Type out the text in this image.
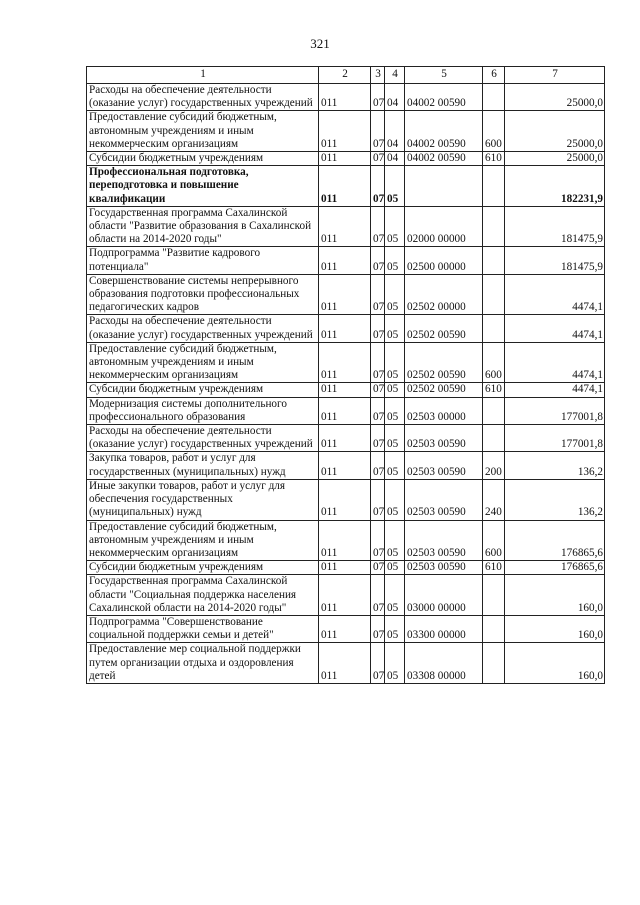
321
1	2	3	4	5	6	7
Расходы на обеспечение деятельности (оказание услуг) государственных учреждений	011	07	04	04002 00590		25000,0
Предоставление субсидий бюджетным, автономным учреждениям и иным некоммерческим организациям	011	07	04	04002 00590	600	25000,0
Субсидии бюджетным учреждениям	011	07	04	04002 00590	610	25000,0
Профессиональная подготовка, переподготовка и повышение квалификации	011	07	05			182231,9
Государственная программа Сахалинской области "Развитие образования в Сахалинской области на 2014-2020 годы"	011	07	05	02000 00000		181475,9
Подпрограмма "Развитие кадрового потенциала"	011	07	05	02500 00000		181475,9
Совершенствование системы непрерывного образования подготовки профессиональных педагогических кадров	011	07	05	02502 00000		4474,1
Расходы на обеспечение деятельности (оказание услуг) государственных учреждений	011	07	05	02502 00590		4474,1
Предоставление субсидий бюджетным, автономным учреждениям и иным некоммерческим организациям	011	07	05	02502 00590	600	4474,1
Субсидии бюджетным учреждениям	011	07	05	02502 00590	610	4474,1
Модернизация системы дополнительного профессионального образования	011	07	05	02503 00000		177001,8
Расходы на обеспечение деятельности (оказание услуг) государственных учреждений	011	07	05	02503 00590		177001,8
Закупка товаров, работ и услуг для государственных (муниципальных) нужд	011	07	05	02503 00590	200	136,2
Иные закупки товаров, работ и услуг для обеспечения государственных (муниципальных) нужд	011	07	05	02503 00590	240	136,2
Предоставление субсидий бюджетным, автономным учреждениям и иным некоммерческим организациям	011	07	05	02503 00590	600	176865,6
Субсидии бюджетным учреждениям	011	07	05	02503 00590	610	176865,6
Государственная программа Сахалинской области "Социальная поддержка населения Сахалинской области на 2014-2020 годы"	011	07	05	03000 00000		160,0
Подпрограмма "Совершенствование социальной поддержки семьи и детей"	011	07	05	03300 00000		160,0
Предоставление мер социальной поддержки путем организации отдыха и оздоровления детей	011	07	05	03308 00000		160,0
